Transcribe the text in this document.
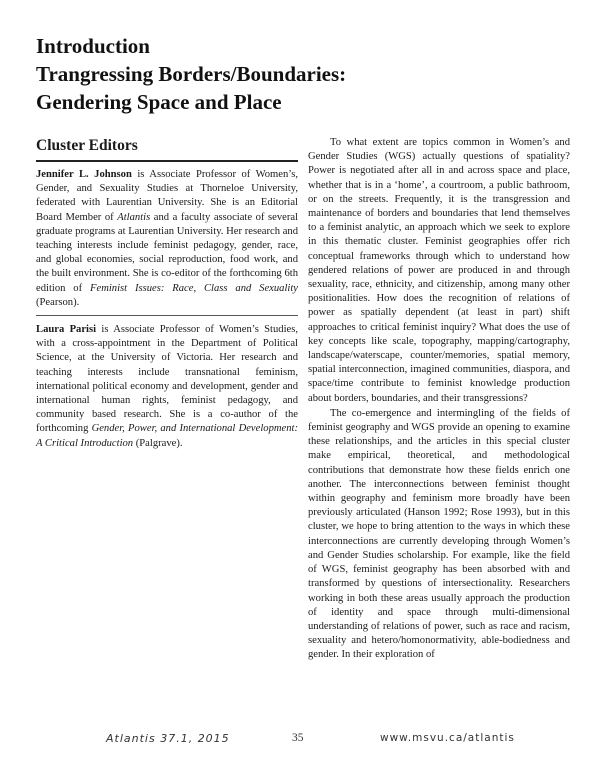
Introduction
Trangressing Borders/Boundaries:
Gendering Space and Place
Cluster Editors

Jennifer L. Johnson is Associate Professor of Women’s, Gender, and Sexuality Studies at Thorneloe University, federated with Laurentian University. She is an Editorial Board Member of Atlantis and a faculty associate of several graduate programs at Laurentian University. Her research and teaching interests include feminist pedagogy, gender, race, and global economies, social reproduction, food work, and the built environment. She is co-editor of the forthcoming 6th edition of Feminist Issues: Race, Class and Sexuality (Pearson).

Laura Parisi is Associate Professor of Women’s Studies, with a cross-appointment in the Department of Political Science, at the University of Victoria. Her research and teaching interests include transnational feminism, international political economy and development, gender and international human rights, feminist pedagogy, and community based research. She is a co-author of the forthcoming Gender, Power, and International Development: A Critical Introduction (Palgrave).

To what extent are topics common in Women’s and Gender Studies (WGS) actually questions of spatiality? Power is negotiated after all in and across space and place, whether that is in a ‘home’, a courtroom, a public bathroom, or on the streets. Frequently, it is the transgression and maintenance of borders and boundaries that lend themselves to a feminist analytic, an approach which we seek to explore in this thematic cluster. Feminist geographies offer rich conceptual frameworks through which to understand how gendered relations of power are produced in and through sexuality, race, ethnicity, and citizenship, among many other positionalities. How does the recognition of relations of power as spatially dependent (at least in part) shift approaches to critical feminist inquiry? What does the use of key concepts like scale, topography, mapping/cartography, landscape/waterscape, counter/memories, spatial memory, spatial interconnection, imagined communities, diaspora, and space/time contribute to feminist knowledge production about borders, boundaries, and their transgressions?

The co-emergence and intermingling of the fields of feminist geography and WGS provide an opening to examine these relationships, and the articles in this special cluster make empirical, theoretical, and methodological contributions that demonstrate how these fields enrich one another. The interconnections between feminist thought within geography and feminism more broadly have been previously articulated (Hanson 1992; Rose 1993), but in this cluster, we hope to bring attention to the ways in which these interconnections are currently developing through Women’s and Gender Studies scholarship. For example, like the field of WGS, feminist geography has been absorbed with and transformed by questions of intersectionality. Researchers working in both these areas usually approach the production of identity and space through multi-dimensional understanding of relations of power, such as race and racism, sexuality and hetero/homonormativity, able-bodiedness and gender. In their exploration of

Atlantis 37.1, 2015	35	www.msvu.ca/atlantis
